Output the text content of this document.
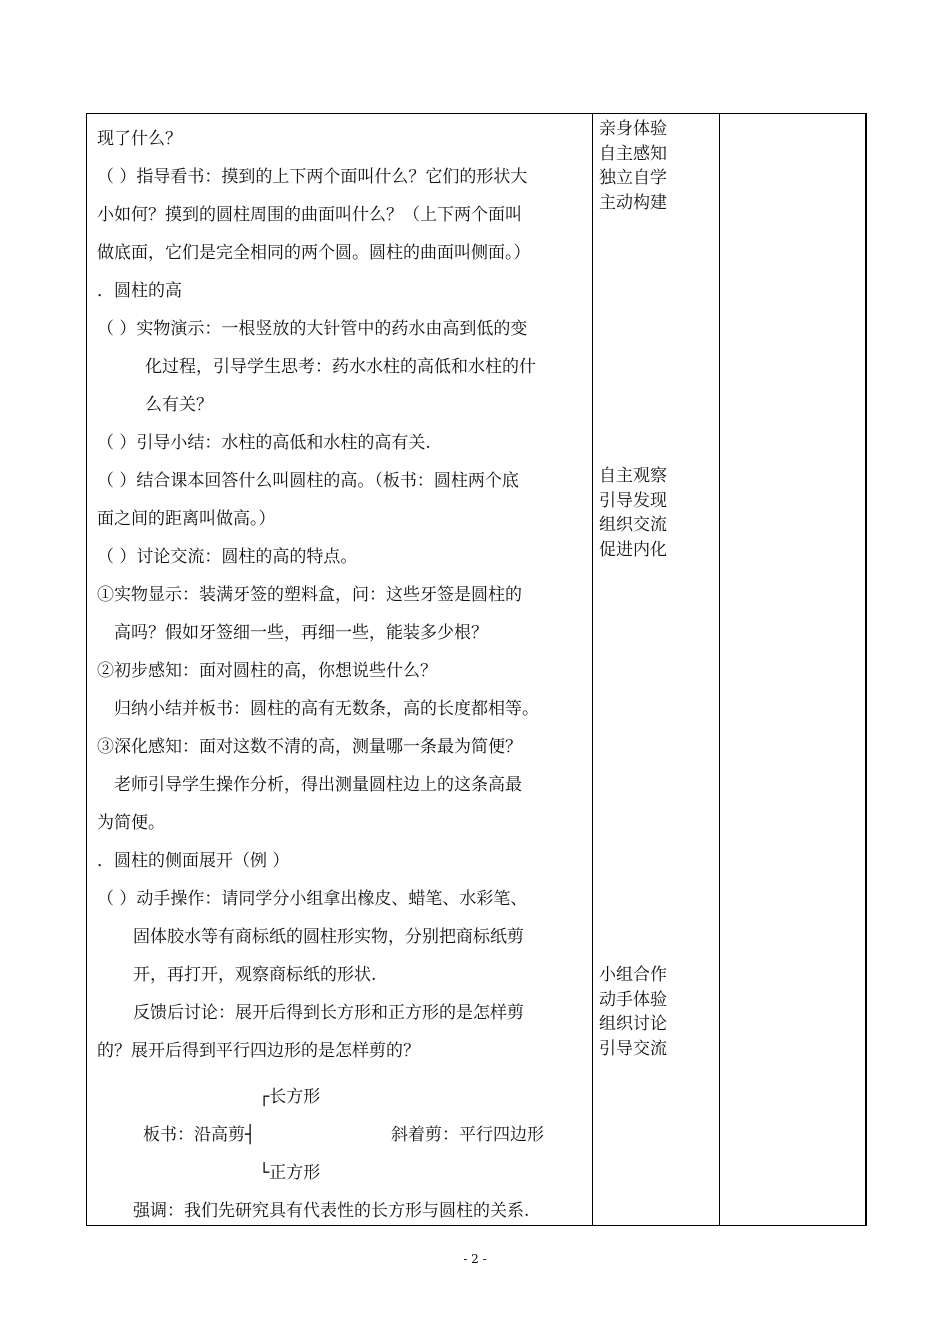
现了什么？
（ ）指导看书：摸到的上下两个面叫什么？它们的形状大
小如何？摸到的圆柱周围的曲面叫什么？（上下两个面叫
做底面，它们是完全相同的两个圆。圆柱的曲面叫侧面。）
．圆柱的高
（ ）实物演示：一根竖放的大针管中的药水由高到低的变
化过程，引导学生思考：药水水柱的高低和水柱的什
么有关？
（ ）引导小结：水柱的高低和水柱的高有关.
（ ）结合课本回答什么叫圆柱的高。（板书：圆柱两个底
面之间的距离叫做高。）
（ ）讨论交流：圆柱的高的特点。
①实物显示：装满牙签的塑料盒，问：这些牙签是圆柱的
高吗？假如牙签细一些，再细一些，能装多少根？
②初步感知：面对圆柱的高，你想说些什么？
归纳小结并板书：圆柱的高有无数条，高的长度都相等。
③深化感知：面对这数不清的高，测量哪一条最为简便？
老师引导学生操作分析，得出测量圆柱边上的这条高最
为简便。
．圆柱的侧面展开（例 ）
（ ）动手操作：请同学分小组拿出橡皮、蜡笔、水彩笔、
固体胶水等有商标纸的圆柱形实物，分别把商标纸剪
开，再打开，观察商标纸的形状.
反馈后讨论：展开后得到长方形和正方形的是怎样剪
的？展开后得到平行四边形的是怎样剪的？
┌长方形
板书：沿高剪┤	斜着剪：平行四边形
└正方形
强调：我们先研究具有代表性的长方形与圆柱的关系.
亲身体验
自主感知
独立自学
主动构建
自主观察
引导发现
组织交流
促进内化
小组合作
动手体验
组织讨论
引导交流
- 2 -
